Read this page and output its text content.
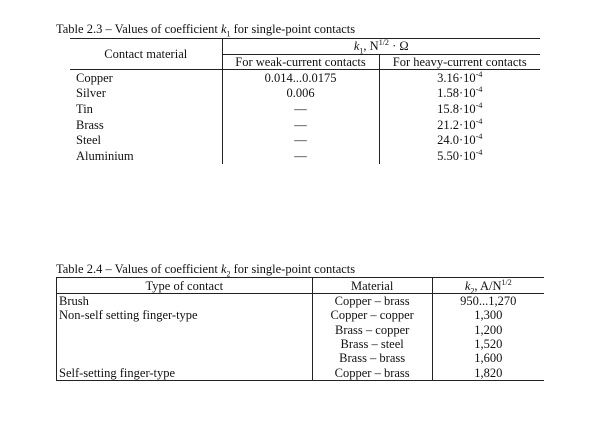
Table 2.3 – Values of coefficient $k_1$ for single-point contacts
Contact material	$k_1$, $N^{1/2} \cdot \Omega$	
	For weak-current contacts	For heavy-current contacts
Copper	0.014...0.0175	$3.16\cdot 10^{-4}$
Silver	0.006	$1.58\cdot 10^{-4}$
Tin	—	$15.8\cdot 10^{-4}$
Brass	—	$21.2\cdot 10^{-4}$
Steel	—	$24.0\cdot 10^{-4}$
Aluminium	—	$5.50\cdot 10^{-4}$
Table 2.4 – Values of coefficient $k_2$ for single-point contacts
Type of contact	Material	$k_2$, $A/N^{1/2}$
Brush	Copper – brass	950...1,270
Non-self setting finger-type	Copper – copper	1,300
	Brass – copper	1,200
	Brass – steel	1,520
	Brass – brass	1,600
Self-setting finger-type	Copper – brass	1,820
